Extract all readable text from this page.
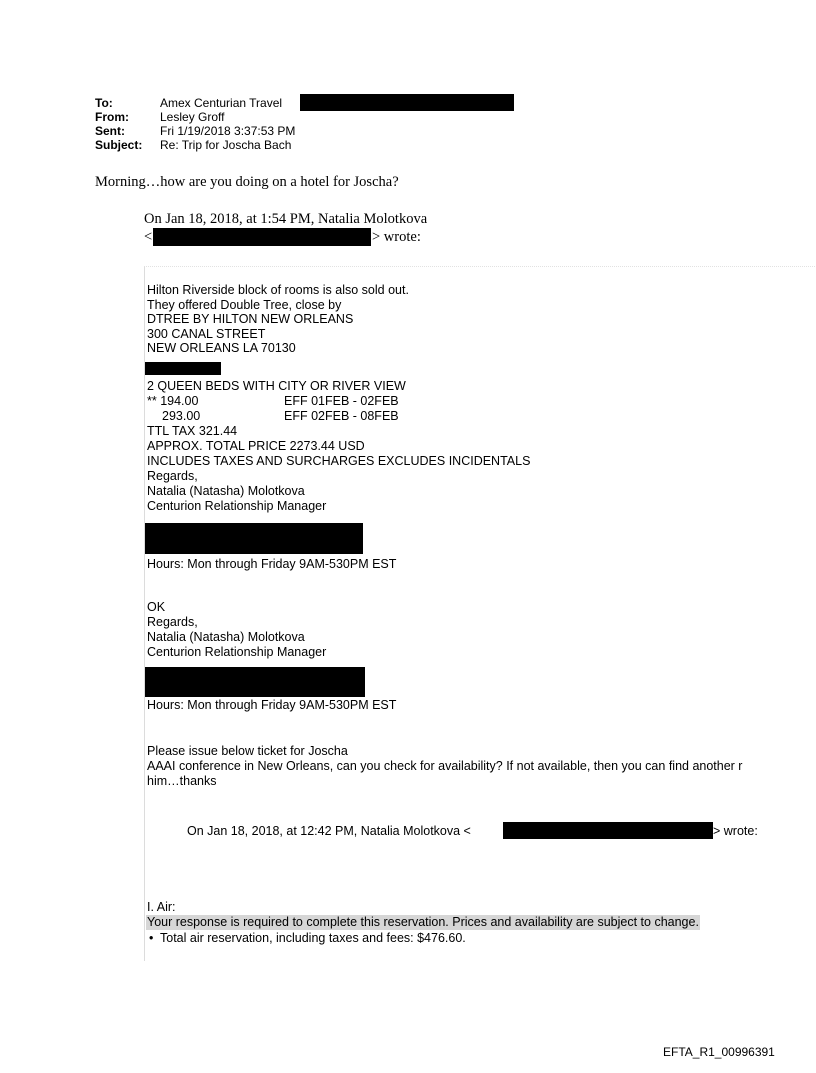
To:	Amex Centurian Travel
From:	Lesley Groff
Sent:	Fri 1/19/2018 3:37:53 PM
Subject: Re: Trip for Joscha Bach
Morning…how are you doing on a hotel for Joscha?
On Jan 18, 2018, at 1:54 PM, Natalia Molotkova
<	> wrote:
Hilton Riverside block of rooms is also sold out.
They offered Double Tree, close by
DTREE BY HILTON NEW ORLEANS
300 CANAL STREET
NEW ORLEANS LA 70130
2 QUEEN BEDS WITH CITY OR RIVER VIEW
** 194.00	EFF 01FEB - 02FEB
293.00	EFF 02FEB - 08FEB
TTL TAX 321.44
APPROX. TOTAL PRICE 2273.44 USD
INCLUDES TAXES AND SURCHARGES EXCLUDES INCIDENTALS
Regards,
Natalia (Natasha) Molotkova
Centurion Relationship Manager
Hours: Mon through Friday 9AM-530PM EST
OK
Regards,
Natalia (Natasha) Molotkova
Centurion Relationship Manager
Hours: Mon through Friday 9AM-530PM EST
Please issue below ticket for Joscha
AAAI conference in New Orleans, can you check for availability? If not available, then you can find another r
him…thanks
On Jan 18, 2018, at 12:42 PM, Natalia Molotkova <	> wrote:
I. Air:
Your response is required to complete this reservation. Prices and availability are subject to change.
• Total air reservation, including taxes and fees: $476.60.
EFTA_R1_00996391
